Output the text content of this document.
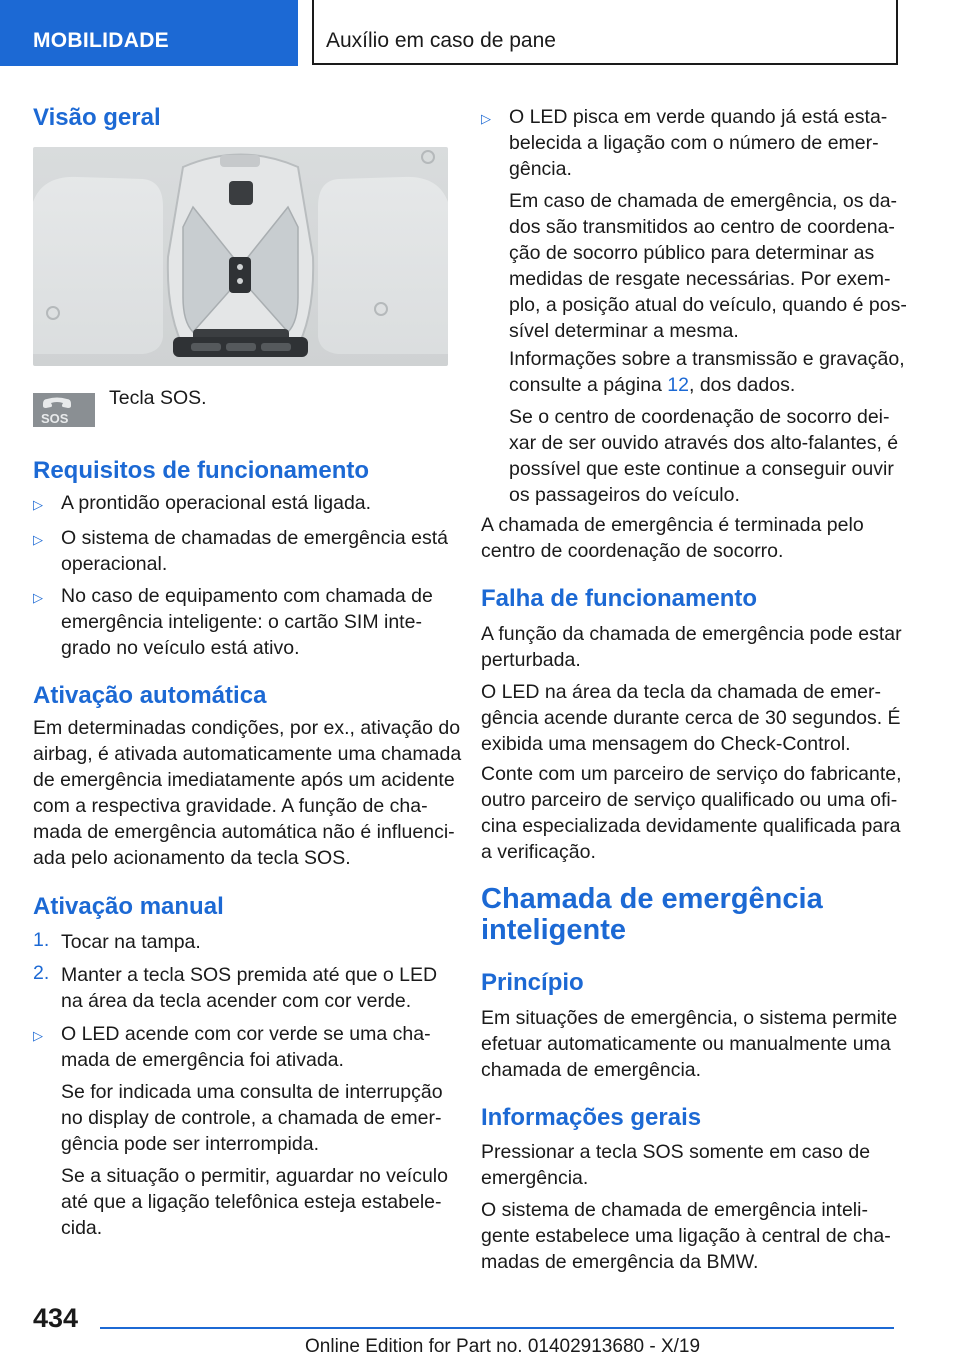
MOBILIDADE	Auxílio em caso de pane
Visão geral
SOS
Tecla SOS.
Requisitos de funcionamento
▷ A prontidão operacional está ligada.
▷ O sistema de chamadas de emergência está
operacional.
▷ No caso de equipamento com chamada de
emergência inteligente: o cartão SIM inte-
grado no veículo está ativo.
Ativação automática
Em determinadas condições, por ex., ativação do
airbag, é ativada automaticamente uma chamada
de emergência imediatamente após um acidente
com a respectiva gravidade. A função de cha-
mada de emergência automática não é influenci-
ada pelo acionamento da tecla SOS.
Ativação manual
1. Tocar na tampa.
2. Manter a tecla SOS premida até que o LED
na área da tecla acender com cor verde.
▷ O LED acende com cor verde se uma cha-
mada de emergência foi ativada.
Se for indicada uma consulta de interrupção
no display de controle, a chamada de emer-
gência pode ser interrompida.
Se a situação o permitir, aguardar no veículo
até que a ligação telefônica esteja estabele-
cida.
▷ O LED pisca em verde quando já está esta-
belecida a ligação com o número de emer-
gência.
Em caso de chamada de emergência, os da-
dos são transmitidos ao centro de coordena-
ção de socorro público para determinar as
medidas de resgate necessárias. Por exem-
plo, a posição atual do veículo, quando é pos-
sível determinar a mesma.
Informações sobre a transmissão e gravação,
consulte a página 12, dos dados.
Se o centro de coordenação de socorro dei-
xar de ser ouvido através dos alto-falantes, é
possível que este continue a conseguir ouvir
os passageiros do veículo.
A chamada de emergência é terminada pelo
centro de coordenação de socorro.
Falha de funcionamento
A função da chamada de emergência pode estar
perturbada.
O LED na área da tecla da chamada de emer-
gência acende durante cerca de 30 segundos. É
exibida uma mensagem do Check-Control.
Conte com um parceiro de serviço do fabricante,
outro parceiro de serviço qualificado ou uma ofi-
cina especializada devidamente qualificada para
a verificação.
Chamada de emergência
inteligente
Princípio
Em situações de emergência, o sistema permite
efetuar automaticamente ou manualmente uma
chamada de emergência.
Informações gerais
Pressionar a tecla SOS somente em caso de
emergência.
O sistema de chamada de emergência inteli-
gente estabelece uma ligação à central de cha-
madas de emergência da BMW.
434
Online Edition for Part no. 01402913680 - X/19
